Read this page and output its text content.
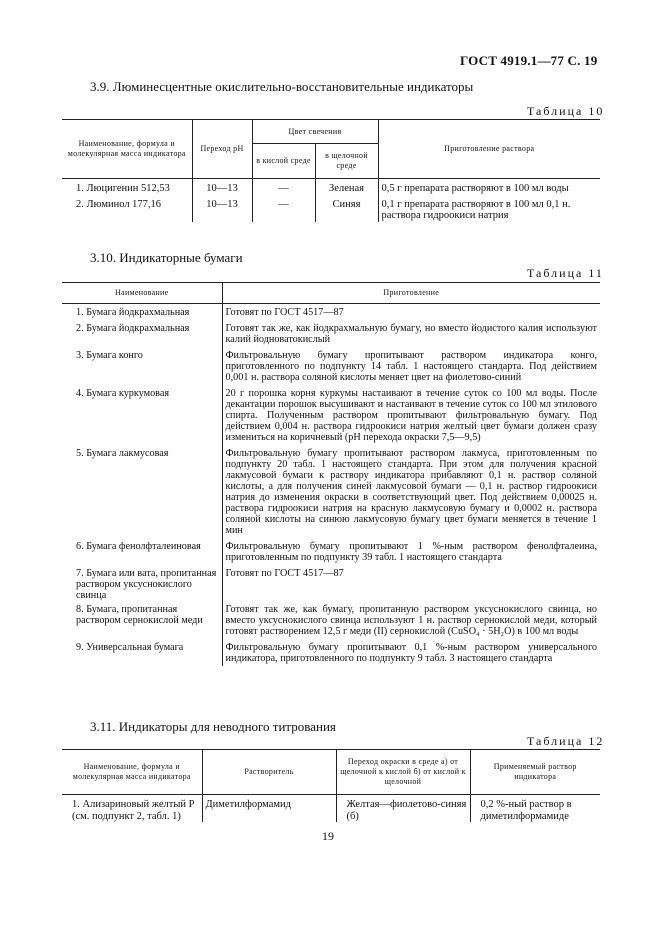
ГОСТ 4919.1—77 С. 19
3.9. Люминесцентные окислительно-восстановительные индикаторы
Таблица 10
Наименование, формула и молекулярная масса индикатора	Переход рН	Цвет свечения		Приготовление раствора
		в кислой среде	в щелочной среде	
1. Люцигенин 512,53	10—13	—	Зеленая	0,5 г препарата растворяют в 100 мл воды
2. Люминол 177,16	10—13	—	Синяя	0,1 г препарата растворяют в 100 мл 0,1 н. раствора гидроокиси натрия
3.10. Индикаторные бумаги
Таблица 11
Наименование	Приготовление
1. Бумага йодкрахмальная	Готовят по ГОСТ 4517—87
2. Бумага йодкрахмальная	Готовят так же, как йодкрахмальную бумагу, но вместо йодистого калия используют калий йодноватокислый
3. Бумага конго	Фильтровальную бумагу пропитывают раствором индикатора конго, приготовленного по подпункту 14 табл. 1 настоящего стандарта. Под действием 0,001 н. раствора соляной кислоты меняет цвет на фиолетово-синий
4. Бумага куркумовая	20 г порошка корня куркумы настаивают в течение суток со 100 мл воды. После декантации порошок высушивают и настаивают в течение суток со 100 мл этилового спирта. Полученным раствором пропитывают фильтровальную бумагу. Под действием 0,004 н. раствора гидроокиси натрия желтый цвет бумаги должен сразу измениться на коричневый (рН перехода окраски 7,5—9,5)
5. Бумага лакмусовая	Фильтровальную бумагу пропитывают раствором лакмуса, приготовленным по подпункту 20 табл. 1 настоящего стандарта. При этом для получения красной лакмусовой бумаги к раствору индикатора прибавляют 0,1 н. раствор соляной кислоты, а для получения синей лакмусовой бумаги — 0,1 н. раствор гидроокиси натрия до изменения окраски в соответствующий цвет. Под действием 0,00025 н. раствора гидроокиси натрия на красную лакмусовую бумагу и 0,0002 н. раствора соляной кислоты на синюю лакмусовую бумагу цвет бумаги меняется в течение 1 мин
6. Бумага фенолфталеиновая	Фильтровальную бумагу пропитывают 1 %-ным раствором фенолфталеина, приготовленным по подпункту 39 табл. 1 настоящего стандарта
7. Бумага или вата, пропитанная раствором уксуснокислого свинца	Готовят по ГОСТ 4517—87
8. Бумага, пропитанная раствором сернокислой меди	Готовят так же, как бумагу, пропитанную раствором уксуснокислого свинца, но вместо уксуснокислого свинца используют 1 н. раствор сернокислой меди, который готовят растворением 12,5 г меди (II) сернокислой (CuSO₄ · 5H₂O) в 100 мл воды
9. Универсальная бумага	Фильтровальную бумагу пропитывают 0,1 %-ным раствором универсального индикатора, приготовленного по подпункту 9 табл. 3 настоящего стандарта
3.11. Индикаторы для неводного титрования
Таблица 12
Наименование, формула и молекулярная масса индикатора	Растворитель	Переход окраски в среде а) от щелочной к кислой б) от кислой к щелочной	Применяемый раствор индикатора
1. Ализариновый желтый Р (см. подпункт 2, табл. 1)	Диметилформамид	Желтая—фиолетово-синяя (б)	0,2 %-ный раствор в диметилформамиде
19
